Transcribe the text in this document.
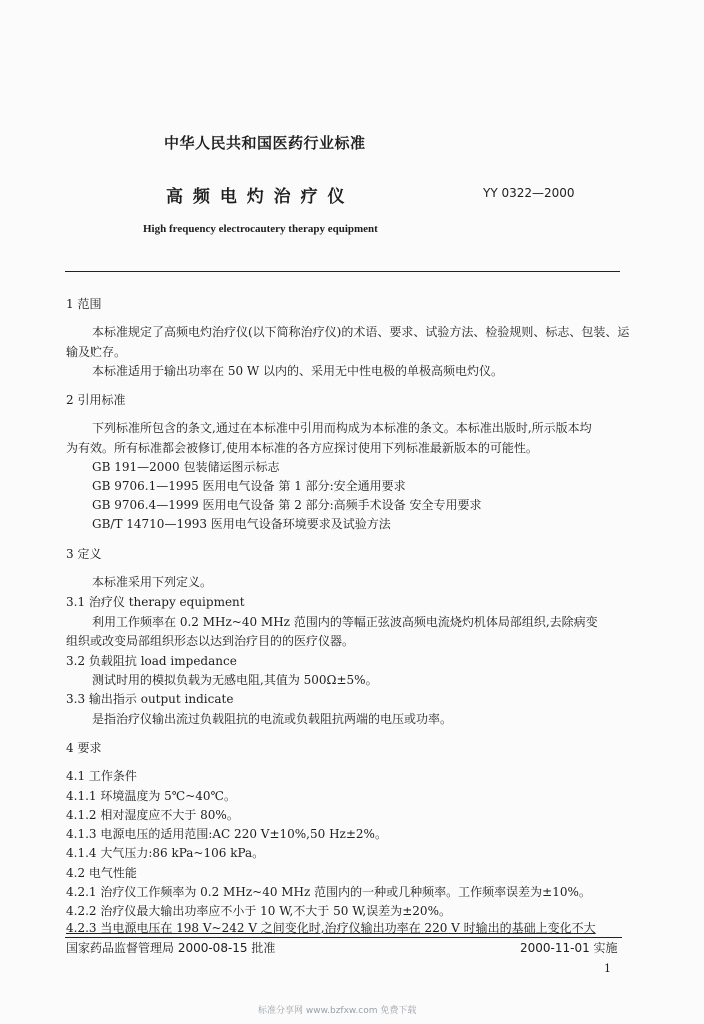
中华人民共和国医药行业标准
高 频 电 灼 治 疗 仪	YY 0322—2000
High frequency electrocautery therapy equipment
1 范围
本标准规定了高频电灼治疗仪(以下简称治疗仪)的术语、要求、试验方法、检验规则、标志、包装、运
输及贮存。
本标准适用于输出功率在 50 W 以内的、采用无中性电极的单极高频电灼仪。
2 引用标准
下列标准所包含的条文,通过在本标准中引用而构成为本标准的条文。本标准出版时,所示版本均
为有效。所有标准都会被修订,使用本标准的各方应探讨使用下列标准最新版本的可能性。
GB 191—2000 包装储运图示标志
GB 9706.1—1995 医用电气设备 第 1 部分:安全通用要求
GB 9706.4—1999 医用电气设备 第 2 部分:高频手术设备 安全专用要求
GB/T 14710—1993 医用电气设备环境要求及试验方法
3 定义
本标准采用下列定义。
3.1 治疗仪 therapy equipment
利用工作频率在 0.2 MHz~40 MHz 范围内的等幅正弦波高频电流烧灼机体局部组织,去除病变
组织或改变局部组织形态以达到治疗目的的医疗仪器。
3.2 负载阻抗 load impedance
测试时用的模拟负载为无感电阻,其值为 500Ω±5%。
3.3 输出指示 output indicate
是指治疗仪输出流过负载阻抗的电流或负载阻抗两端的电压或功率。
4 要求
4.1 工作条件
4.1.1 环境温度为 5℃~40℃。
4.1.2 相对湿度应不大于 80%。
4.1.3 电源电压的适用范围:AC 220 V±10%,50 Hz±2%。
4.1.4 大气压力:86 kPa~106 kPa。
4.2 电气性能
4.2.1 治疗仪工作频率为 0.2 MHz~40 MHz 范围内的一种或几种频率。工作频率误差为±10%。
4.2.2 治疗仪最大输出功率应不小于 10 W,不大于 50 W,误差为±20%。
4.2.3 当电源电压在 198 V~242 V 之间变化时,治疗仪输出功率在 220 V 时输出的基础上变化不大
国家药品监督管理局 2000-08-15 批准	2000-11-01 实施
1
标准分享网 www.bzfxw.com 免费下载
